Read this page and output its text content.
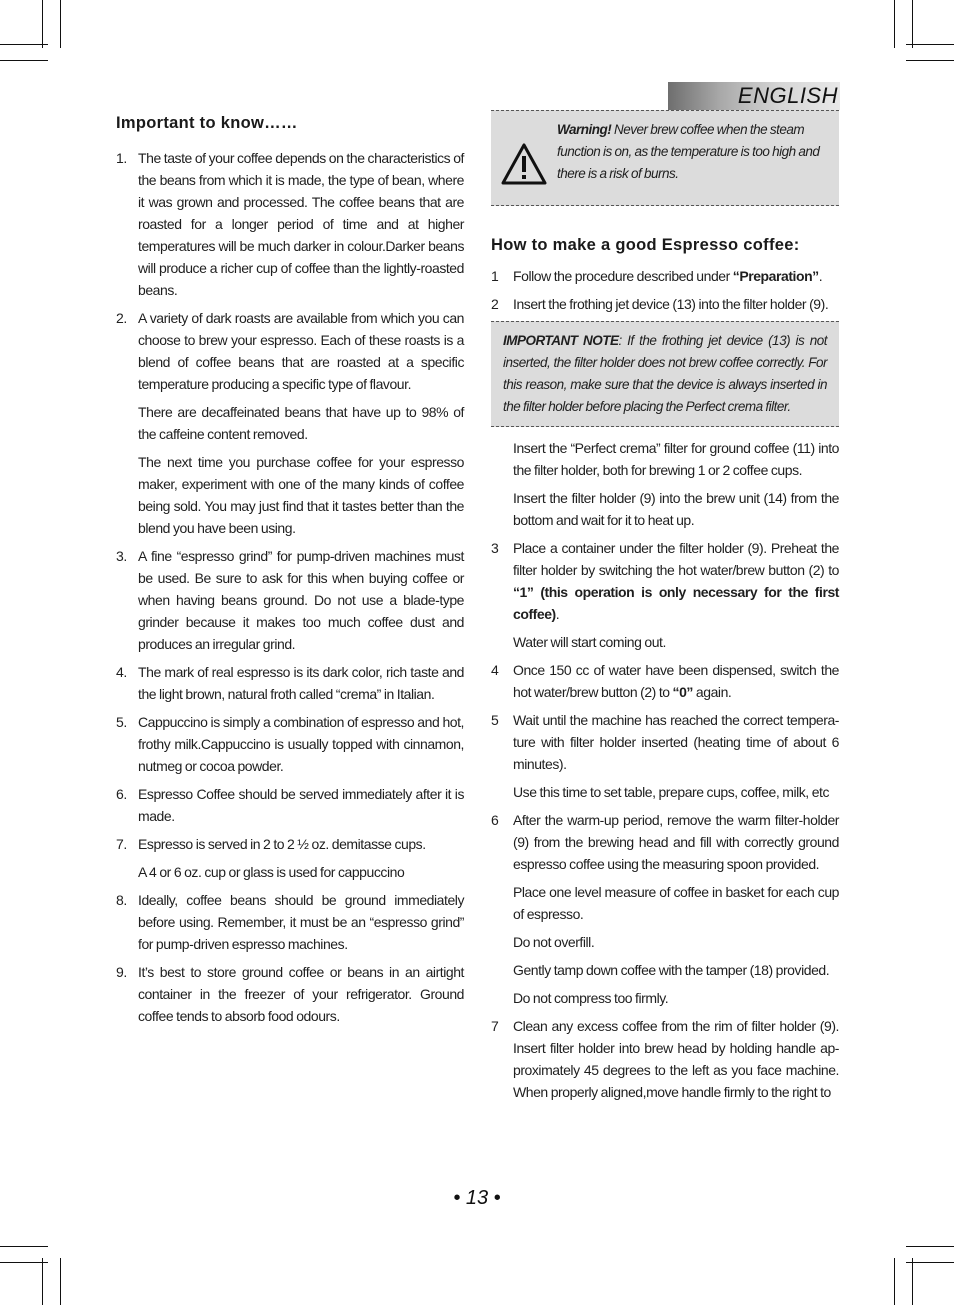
ENGLISH
Important to know……
1. The taste of your coffee depends on the characteristics of the beans from which it is made, the type of bean, where it was grown and processed. The coffee beans that are roasted for a longer period of time and at higher temperatures will be much darker in colour.Darker beans will produce a richer cup of coffee than the lightly-roasted beans.

2. A variety of dark roasts are available from which you can choose to brew your espresso. Each of these roasts is a blend of coffee beans that are roasted at a specific temperature producing a specific type of flavour.

There are decaffeinated beans that have up to 98% of the caffeine content removed.

The next time you purchase coffee for your espresso maker, experiment with one of the many kinds of coffee being sold. You may just find that it tastes better than the blend you have been using.

3. A fine “espresso grind” for pump-driven machines must be used. Be sure to ask for this when buying coffee or when having beans ground. Do not use a blade-type grinder because it makes too much coffee dust and produces an irregular grind.

4. The mark of real espresso is its dark color, rich taste and the light brown, natural froth called “crema” in Italian.

5. Cappuccino is simply a combination of espresso and hot, frothy milk.Cappuccino is usually topped with cinnamon, nutmeg or cocoa powder.

6. Espresso Coffee should be served immediately after it is made.

7. Espresso is served in 2 to 2 ½ oz. demitasse cups.

A 4 or 6 oz. cup or glass is used for cappuccino

8. Ideally, coffee beans should be ground immediately before using. Remember, it must be an “espresso grind” for pump-driven espresso machines.

9. It’s best to store ground coffee or beans in an airtight container in the freezer of your refrigerator. Ground coffee tends to absorb food odours.

Warning! Never brew coffee when the steam function is on, as the temperature is too high and there is a risk of burns.
How to make a good Espresso coffee:
1 Follow the procedure described under “Preparation”.

2 Insert the frothing jet device (13) into the filter holder (9).

IMPORTANT NOTE: If the frothing jet device (13) is not inserted, the filter holder does not brew coffee correctly. For this reason, make sure that the device is always inserted in the filter holder before placing the Perfect crema filter.

Insert the “Perfect crema” filter for ground coffee (11) into the filter holder, both for brewing 1 or 2 coffee cups.

Insert the filter holder (9) into the brew unit (14) from the bottom and wait for it to heat up.

3 Place a container under the filter holder (9). Preheat the filter holder by switching the hot water/brew button (2) to “1” (this operation is only necessary for the first coffee).

Water will start coming out.

4 Once 150 cc of water have been dispensed, switch the hot water/brew button (2) to “0” again.

5 Wait until the machine has reached the correct tempera-ture with filter holder inserted (heating time of about 6 minutes).

Use this time to set table, prepare cups, coffee, milk, etc

6 After the warm-up period, remove the warm filter-holder (9) from the brewing head and fill with correctly ground espresso coffee using the measuring spoon provided.

Place one level measure of coffee in basket for each cup of espresso.

Do not overfill.

Gently tamp down coffee with the tamper (18) provided.

Do not compress too firmly.

7 Clean any excess coffee from the rim of filter holder (9). Insert filter holder into brew head by holding handle ap-proximately 45 degrees to the left as you face machine. When properly aligned,move handle firmly to the right to

• 13 •
